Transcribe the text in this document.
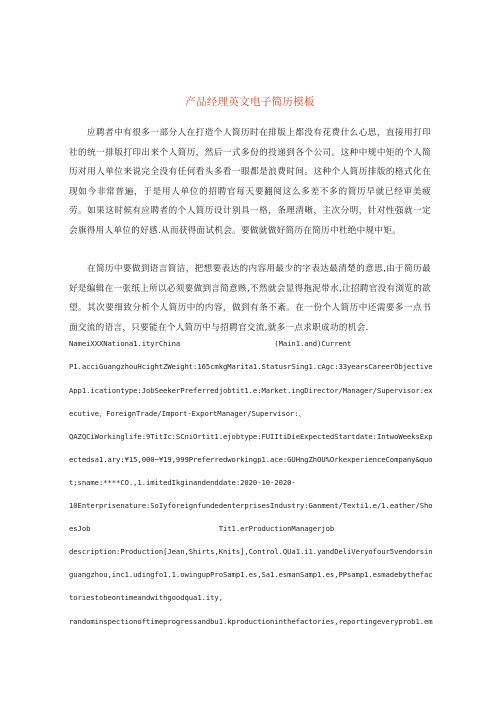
产品经理英文电子简历模板
应聘者中有很多一部分人在打造个人简历时在排版上都没有花费什么心思，直接用打印社的统一排版打印出来个人简历，然后一式多份的投递到各个公司。这种中规中矩的个人简历对用人单位来说完全没有任何看头多看一眼都是浪费时间。这种个人简历排版的格式化在现如今非常普遍，于是用人单位的招聘官每天要翻阅这么多差不多的简历早就已经审美疲劳。如果这时候有应聘者的个人简历设计别具一格，条理清晰，主次分明，针对性强就一定会旗得用人单位的好感.从而获得面试机会。要做就做好简历在简历中杜绝中规中矩。
在简历中要做到语言简洁，把想要表达的内容用最少的字表达最清楚的意思,由于简历最好是编辑在一张纸上所以必须要做到言简意赅,不然就会显得拖泥带水,让招聘官没有浏览的欲望。其次要细致分析个人简历中的内容，做到有条不紊。在一份个人简历中还需要多一点书面交流的语言，只要能在个人简历中与招聘官交流,就多一点求职成功的机会.
NameiXXXNationa1.ityrChina                      (Main1.and)Current
P1.acciGuangzhouHcightZWeight:165cmkgMarita1.StatusrSing1.cAgc:33yearsCareerObjective
App1.icationtype:JobSeekerPreferredjobtit1.e:Market.ingDirector/Manager/Supervisor:ex
ecutive、ForeignTrade/Import-ExportManager/Supervisor:、
QAZQCiWorkinglife:9TitIc:SCniOrtit1.ejobtype:FUIItiDieExpectedStartdate:IntwoWeeksExp
ectedsa1.ary:¥15,000~¥19,999Preferredworkingp1.ace:GUHngZhOU%OrkexperienceCompany&quo
t;sname:****CO.,1.imitedIkginandenddate:2020-10-2020-
10Enterprisenature:SoIyforeignfundedenterprisesIndustry:Ganment/Texti1.e/1.eather/Sho
esJob                              Tit1.erProductionManagerjob
description:Production[Jean,Shirts,Knits],Control.QUa1.i1.yandDeliVeryofour5vendorsin
guangzhou,inc1.udingfo1.1.owingupProSamp1.es,Sa1.esmanSamp1.es,PPsamp1.esmadebythefac
toriestobeontimeandwithgoodqua1.ity,
randominspectionoftimeprogressandbu1.kproductioninthefactories,reportingeveryprob1.em
